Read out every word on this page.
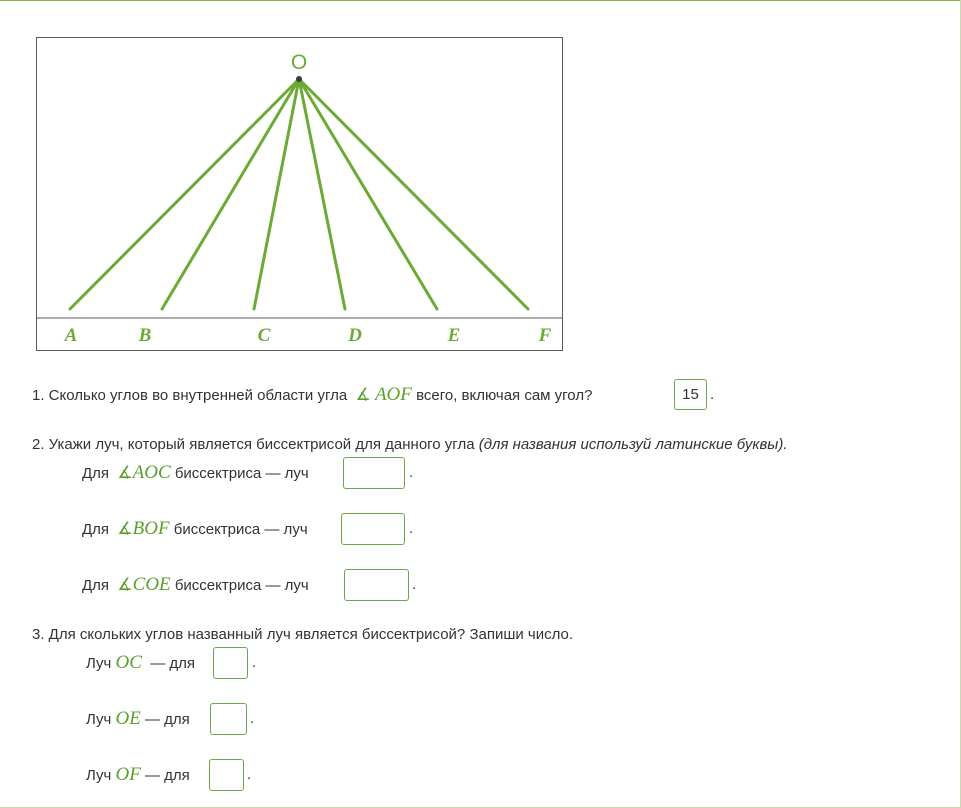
O
A	B	C	D	E	F
1. Сколько углов во внутренней области угла ∡ AOF всего, включая сам угол?
15	.
2. Укажи луч, который является биссектрисой для данного угла (для названия используй латинские буквы).
Для ∡AOC биссектриса — луч	.
Для ∡BOF биссектриса — луч	.
Для ∡COE биссектриса — луч	.
3. Для скольких углов названный луч является биссектрисой? Запиши число.
Луч OC — для	.
Луч OE — для	.
Луч OF — для	.
